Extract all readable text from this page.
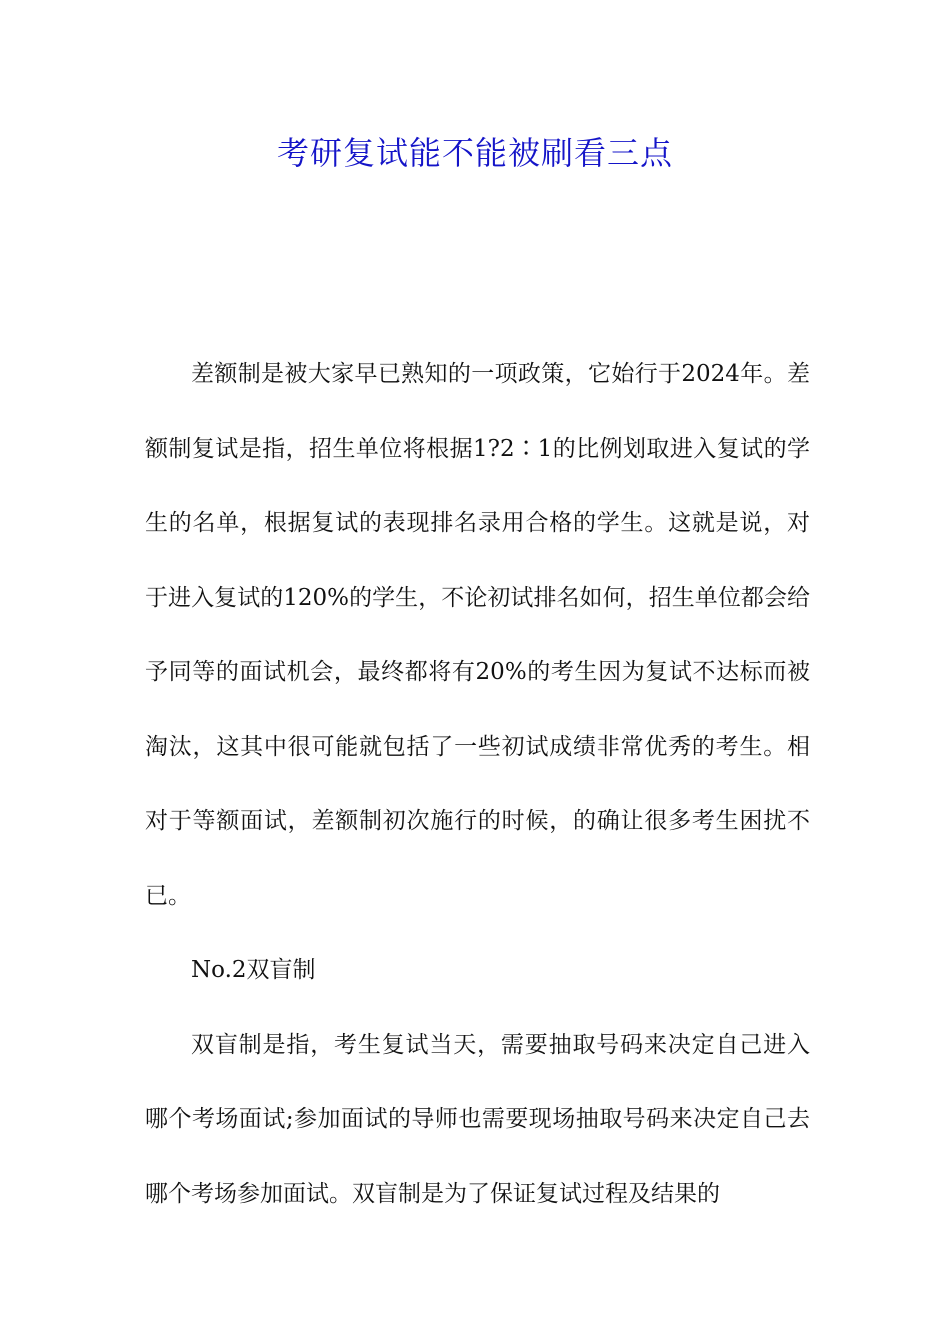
考研复试能不能被刷看三点

差额制是被大家早已熟知的一项政策，它始行于2024年。差额制复试是指，招生单位将根据1?2∶1的比例划取进入复试的学生的名单，根据复试的表现排名录用合格的学生。这就是说，对于进入复试的120%的学生，不论初试排名如何，招生单位都会给予同等的面试机会，最终都将有20%的考生因为复试不达标而被淘汰，这其中很可能就包括了一些初试成绩非常优秀的考生。相对于等额面试，差额制初次施行的时候，的确让很多考生困扰不已。

No.2双盲制

双盲制是指，考生复试当天，需要抽取号码来决定自己进入哪个考场面试;参加面试的导师也需要现场抽取号码来决定自己去哪个考场参加面试。双盲制是为了保证复试过程及结果的
